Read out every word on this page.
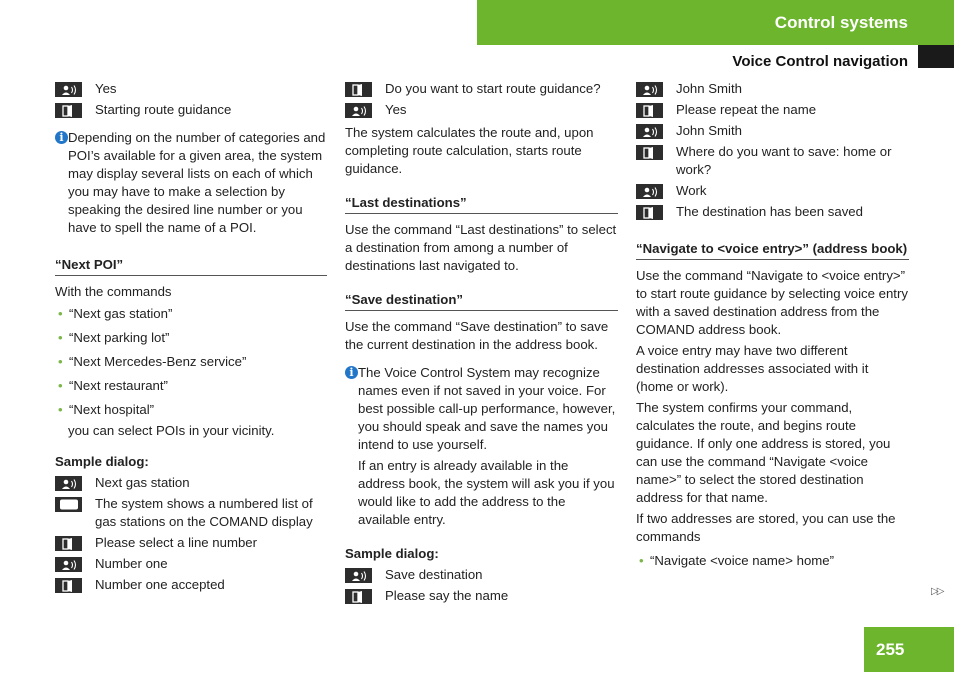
Control systems
Voice Control navigation
Yes
Starting route guidance
i Depending on the number of categories and POI’s available for a given area, the system may display several lists on each of which you may have to make a selection by speaking the desired line number or you have to spell the name of a POI.

“Next POI”

With the commands

• “Next gas station”
• “Next parking lot”
• “Next Mercedes-Benz service”
• “Next restaurant”
• “Next hospital”

you can select POIs in your vicinity.

Sample dialog:

Next gas station
The system shows a numbered list of gas stations on the COMAND display
Please select a line number
Number one
Number one accepted
Do you want to start route guidance?
Yes

The system calculates the route and, upon completing route calculation, starts route guidance.

“Last destinations”

Use the command “Last destinations” to select a destination from among a number of destinations last navigated to.

“Save destination”

Use the command “Save destination” to save the current destination in the address book.

i The Voice Control System may recognize names even if not saved in your voice. For best possible call-up performance, however, you should speak and save the names you intend to use yourself.

If an entry is already available in the address book, the system will ask you if you would like to add the address to the available entry.

Sample dialog:

Save destination
Please say the name
John Smith
Please repeat the name
John Smith
Where do you want to save: home or work?
Work
The destination has been saved
“Navigate to <voice entry>” (address book)

Use the command “Navigate to <voice entry>” to start route guidance by selecting voice entry with a saved destination address from the COMAND address book.

A voice entry may have two different destination addresses associated with it (home or work).

The system confirms your command, calculates the route, and begins route guidance. If only one address is stored, you can use the command “Navigate <voice name>” to select the stored destination address for that name.

If two addresses are stored, you can use the commands

• “Navigate <voice name> home”
▷▷
255
